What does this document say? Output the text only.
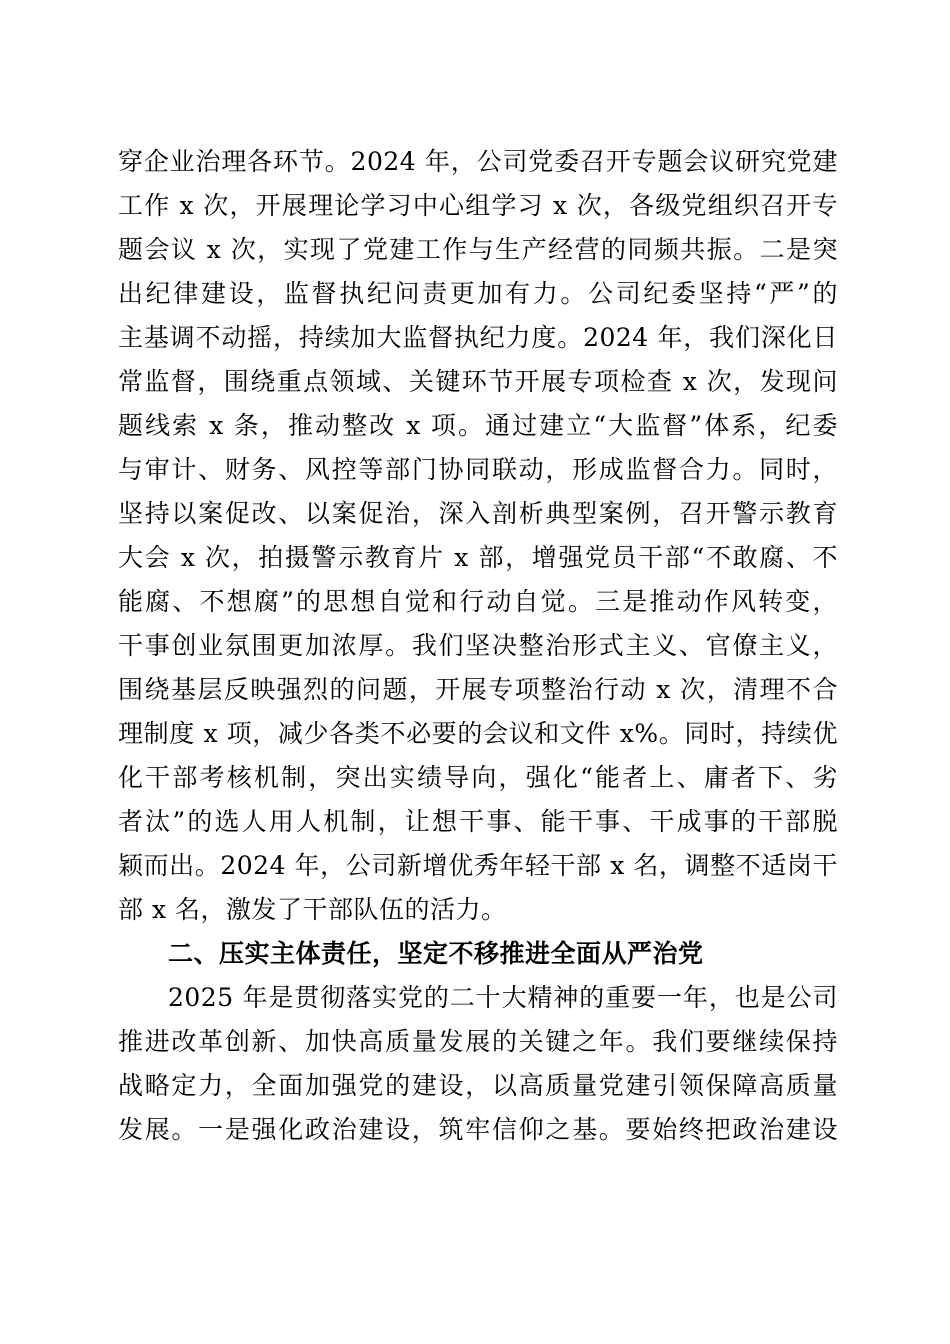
穿企业治理各环节。2024 年，公司党委召开专题会议研究党建
工作 x 次，开展理论学习中心组学习 x 次，各级党组织召开专
题会议 x 次，实现了党建工作与生产经营的同频共振。二是突
出纪律建设，监督执纪问责更加有力。公司纪委坚持“严”的
主基调不动摇，持续加大监督执纪力度。2024 年，我们深化日
常监督，围绕重点领域、关键环节开展专项检查 x 次，发现问
题线索 x 条，推动整改 x 项。通过建立“大监督”体系，纪委
与审计、财务、风控等部门协同联动，形成监督合力。同时，
坚持以案促改、以案促治，深入剖析典型案例，召开警示教育
大会 x 次，拍摄警示教育片 x 部，增强党员干部“不敢腐、不
能腐、不想腐”的思想自觉和行动自觉。三是推动作风转变，
干事创业氛围更加浓厚。我们坚决整治形式主义、官僚主义，
围绕基层反映强烈的问题，开展专项整治行动 x 次，清理不合
理制度 x 项，减少各类不必要的会议和文件 x%。同时，持续优
化干部考核机制，突出实绩导向，强化“能者上、庸者下、劣
者汰”的选人用人机制，让想干事、能干事、干成事的干部脱
颖而出。2024 年，公司新增优秀年轻干部 x 名，调整不适岗干
部 x 名，激发了干部队伍的活力。
二、压实主体责任，坚定不移推进全面从严治党
2025 年是贯彻落实党的二十大精神的重要一年，也是公司
推进改革创新、加快高质量发展的关键之年。我们要继续保持
战略定力，全面加强党的建设，以高质量党建引领保障高质量
发展。一是强化政治建设，筑牢信仰之基。要始终把政治建设
